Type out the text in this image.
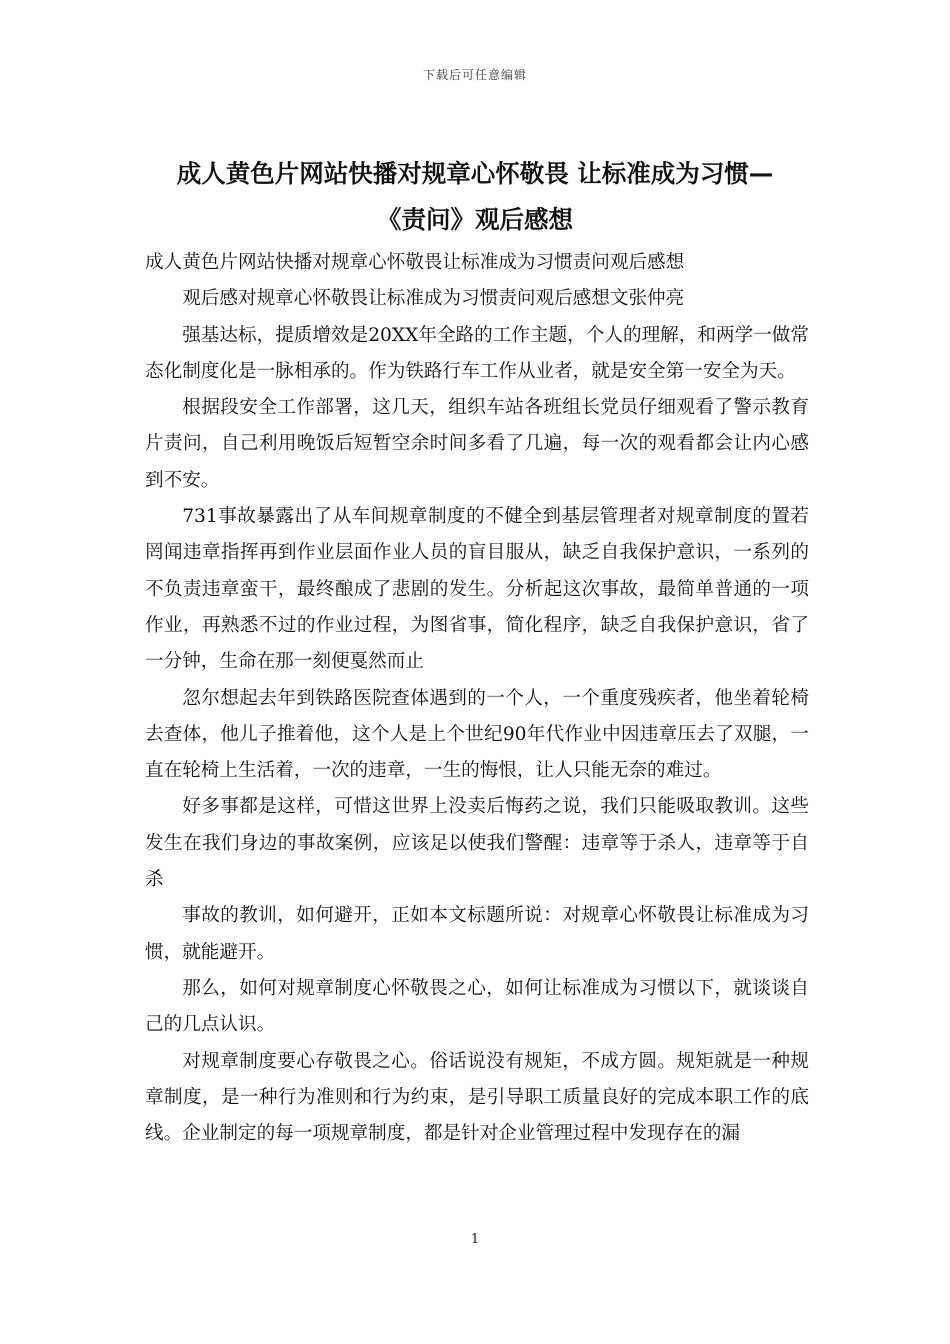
下载后可任意编辑
成人黄色片网站快播对规章心怀敬畏 让标准成为习惯—
《责问》观后感想

成人黄色片网站快播对规章心怀敬畏让标准成为习惯责问观后感想

观后感对规章心怀敬畏让标准成为习惯责问观后感想文张仲亮

强基达标，提质增效是20XX年全路的工作主题，个人的理解，和两学一做常态化制度化是一脉相承的。作为铁路行车工作从业者，就是安全第一安全为天。

根据段安全工作部署，这几天，组织车站各班组长党员仔细观看了警示教育片责问，自己利用晚饭后短暂空余时间多看了几遍，每一次的观看都会让内心感到不安。

731事故暴露出了从车间规章制度的不健全到基层管理者对规章制度的置若罔闻违章指挥再到作业层面作业人员的盲目服从，缺乏自我保护意识，一系列的不负责违章蛮干，最终酿成了悲剧的发生。分析起这次事故，最简单普通的一项作业，再熟悉不过的作业过程，为图省事，简化程序，缺乏自我保护意识，省了一分钟，生命在那一刻便戛然而止

忽尔想起去年到铁路医院查体遇到的一个人，一个重度残疾者，他坐着轮椅去查体，他儿子推着他，这个人是上个世纪90年代作业中因违章压去了双腿，一直在轮椅上生活着，一次的违章，一生的悔恨，让人只能无奈的难过。

好多事都是这样，可惜这世界上没卖后悔药之说，我们只能吸取教训。这些发生在我们身边的事故案例，应该足以使我们警醒：违章等于杀人，违章等于自杀

事故的教训，如何避开，正如本文标题所说：对规章心怀敬畏让标准成为习惯，就能避开。

那么，如何对规章制度心怀敬畏之心，如何让标准成为习惯以下，就谈谈自己的几点认识。

对规章制度要心存敬畏之心。俗话说没有规矩，不成方圆。规矩就是一种规章制度，是一种行为准则和行为约束，是引导职工质量良好的完成本职工作的底线。企业制定的每一项规章制度，都是针对企业管理过程中发现存在的漏

1
